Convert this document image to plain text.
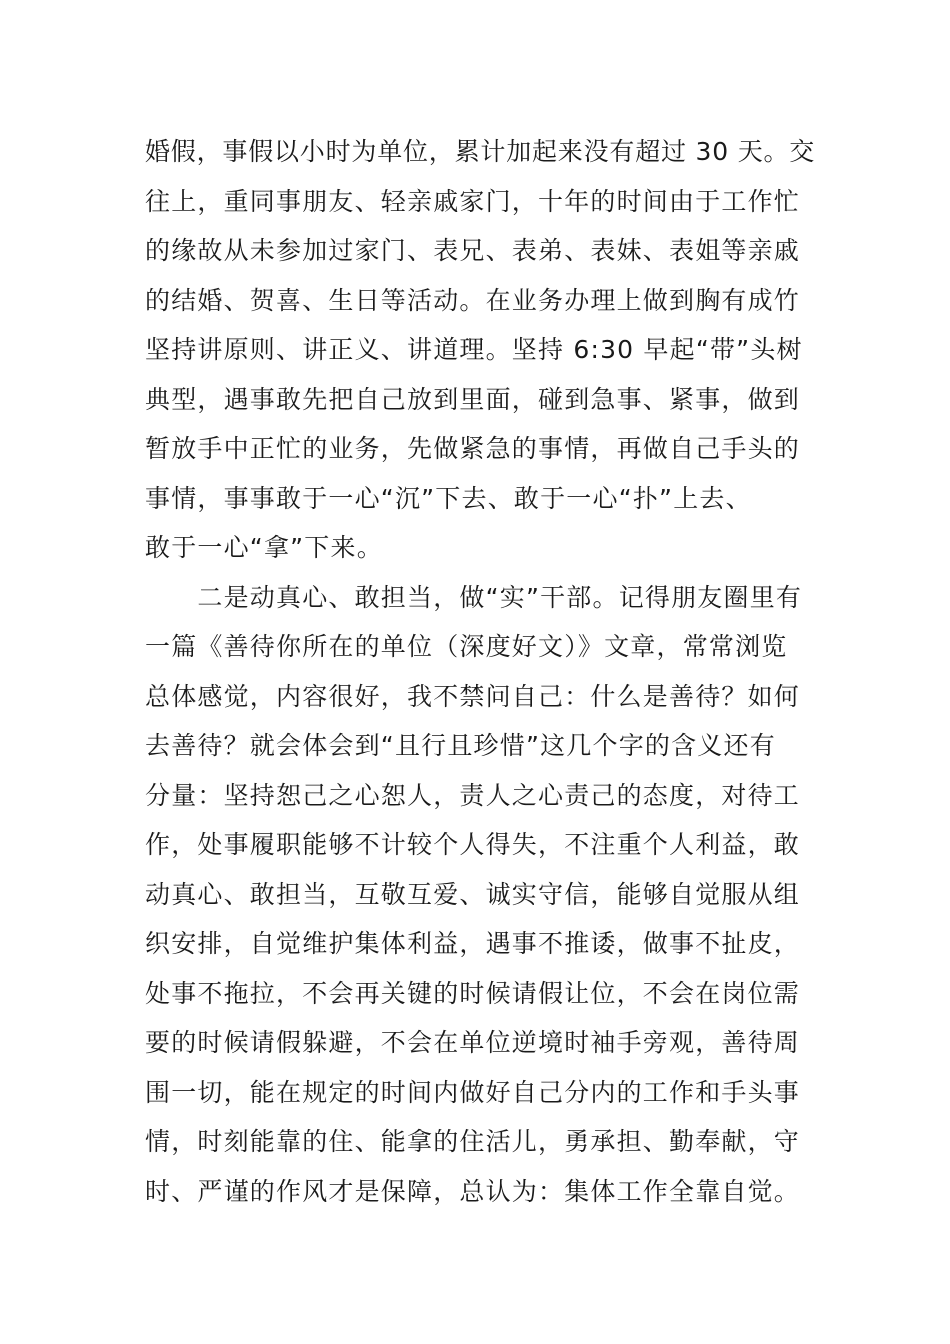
婚假，事假以小时为单位，累计加起来没有超过 30 天。交
往上，重同事朋友、轻亲戚家门，十年的时间由于工作忙
的缘故从未参加过家门、表兄、表弟、表妹、表姐等亲戚
的结婚、贺喜、生日等活动。在业务办理上做到胸有成竹
坚持讲原则、讲正义、讲道理。坚持 6:30 早起“带”头树
典型，遇事敢先把自己放到里面，碰到急事、紧事，做到
暂放手中正忙的业务，先做紧急的事情，再做自己手头的
事情，事事敢于一心“沉”下去、敢于一心“扑”上去、
敢于一心“拿”下来。
　　二是动真心、敢担当，做“实”干部。记得朋友圈里有
一篇《善待你所在的单位（深度好文）》文章，常常浏览
总体感觉，内容很好，我不禁问自己：什么是善待？如何
去善待？就会体会到“且行且珍惜”这几个字的含义还有
分量：坚持恕己之心恕人，责人之心责己的态度，对待工
作，处事履职能够不计较个人得失，不注重个人利益，敢
动真心、敢担当，互敬互爱、诚实守信，能够自觉服从组
织安排，自觉维护集体利益，遇事不推诿，做事不扯皮，
处事不拖拉，不会再关键的时候请假让位，不会在岗位需
要的时候请假躲避，不会在单位逆境时袖手旁观，善待周
围一切，能在规定的时间内做好自己分内的工作和手头事
情，时刻能靠的住、能拿的住活儿，勇承担、勤奉献，守
时、严谨的作风才是保障，总认为：集体工作全靠自觉。
